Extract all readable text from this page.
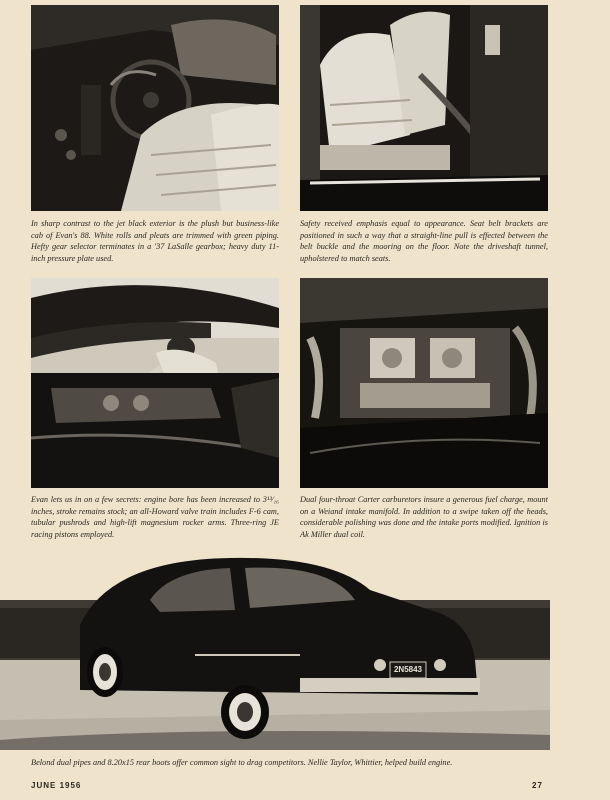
In sharp contrast to the jet black exterior is the plush but business-like cab of Evan's 88. White rolls and pleats are trimmed with green piping. Hefty gear selector terminates in a '37 LaSalle gearbox; heavy duty 11-inch pressure plate used.

Safety received emphasis equal to appearance. Seat belt brackets are positioned in such a way that a straight-line pull is effected between the belt buckle and the mooring on the floor. Note the driveshaft tunnel, upholstered to match seats.

Evan lets us in on a few secrets: engine bore has been increased to 3¹³⁄₁₆ inches, stroke remains stock; an all-Howard valve train includes F-6 cam, tubular pushrods and high-lift magnesium rocker arms. Three-ring JE racing pistons employed.

Dual four-throat Carter carburetors insure a generous fuel charge, mount on a Weiand intake manifold. In addition to a swipe taken off the heads, considerable polishing was done and the intake ports modified. Ignition is Ak Miller dual coil.

2N5843

Belond dual pipes and 8.20x15 rear boots offer common sight to drag competitors. Nellie Taylor, Whittier, helped build engine.

JUNE 1956	27
